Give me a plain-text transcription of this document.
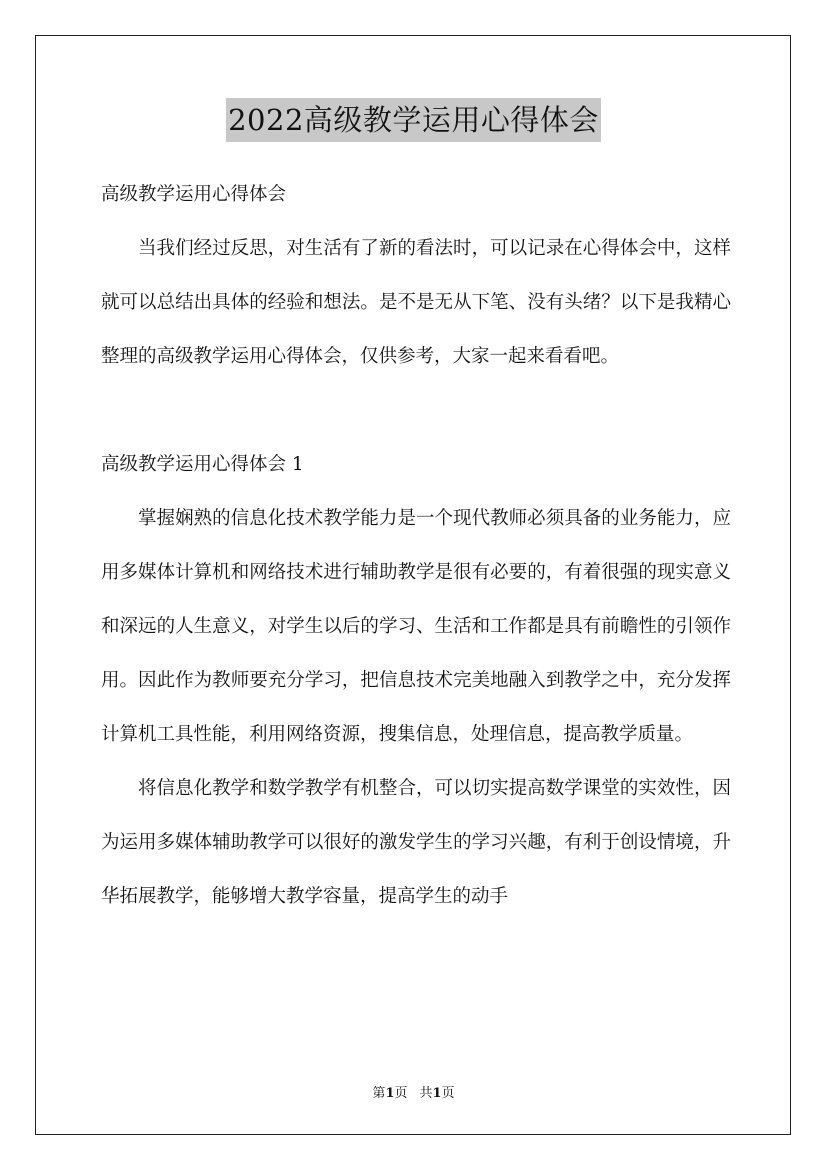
2022高级教学运用心得体会

高级教学运用心得体会

当我们经过反思，对生活有了新的看法时，可以记录在心得体会中，这样就可以总结出具体的经验和想法。是不是无从下笔、没有头绪？以下是我精心整理的高级教学运用心得体会，仅供参考，大家一起来看看吧。

高级教学运用心得体会 1

掌握娴熟的信息化技术教学能力是一个现代教师必须具备的业务能力，应用多媒体计算机和网络技术进行辅助教学是很有必要的，有着很强的现实意义和深远的人生意义，对学生以后的学习、生活和工作都是具有前瞻性的引领作用。因此作为教师要充分学习，把信息技术完美地融入到教学之中，充分发挥计算机工具性能，利用网络资源，搜集信息，处理信息，提高教学质量。

将信息化教学和数学教学有机整合，可以切实提高数学课堂的实效性，因为运用多媒体辅助教学可以很好的激发学生的学习兴趣，有利于创设情境，升华拓展教学，能够增大教学容量，提高学生的动手

第1页 共1页
